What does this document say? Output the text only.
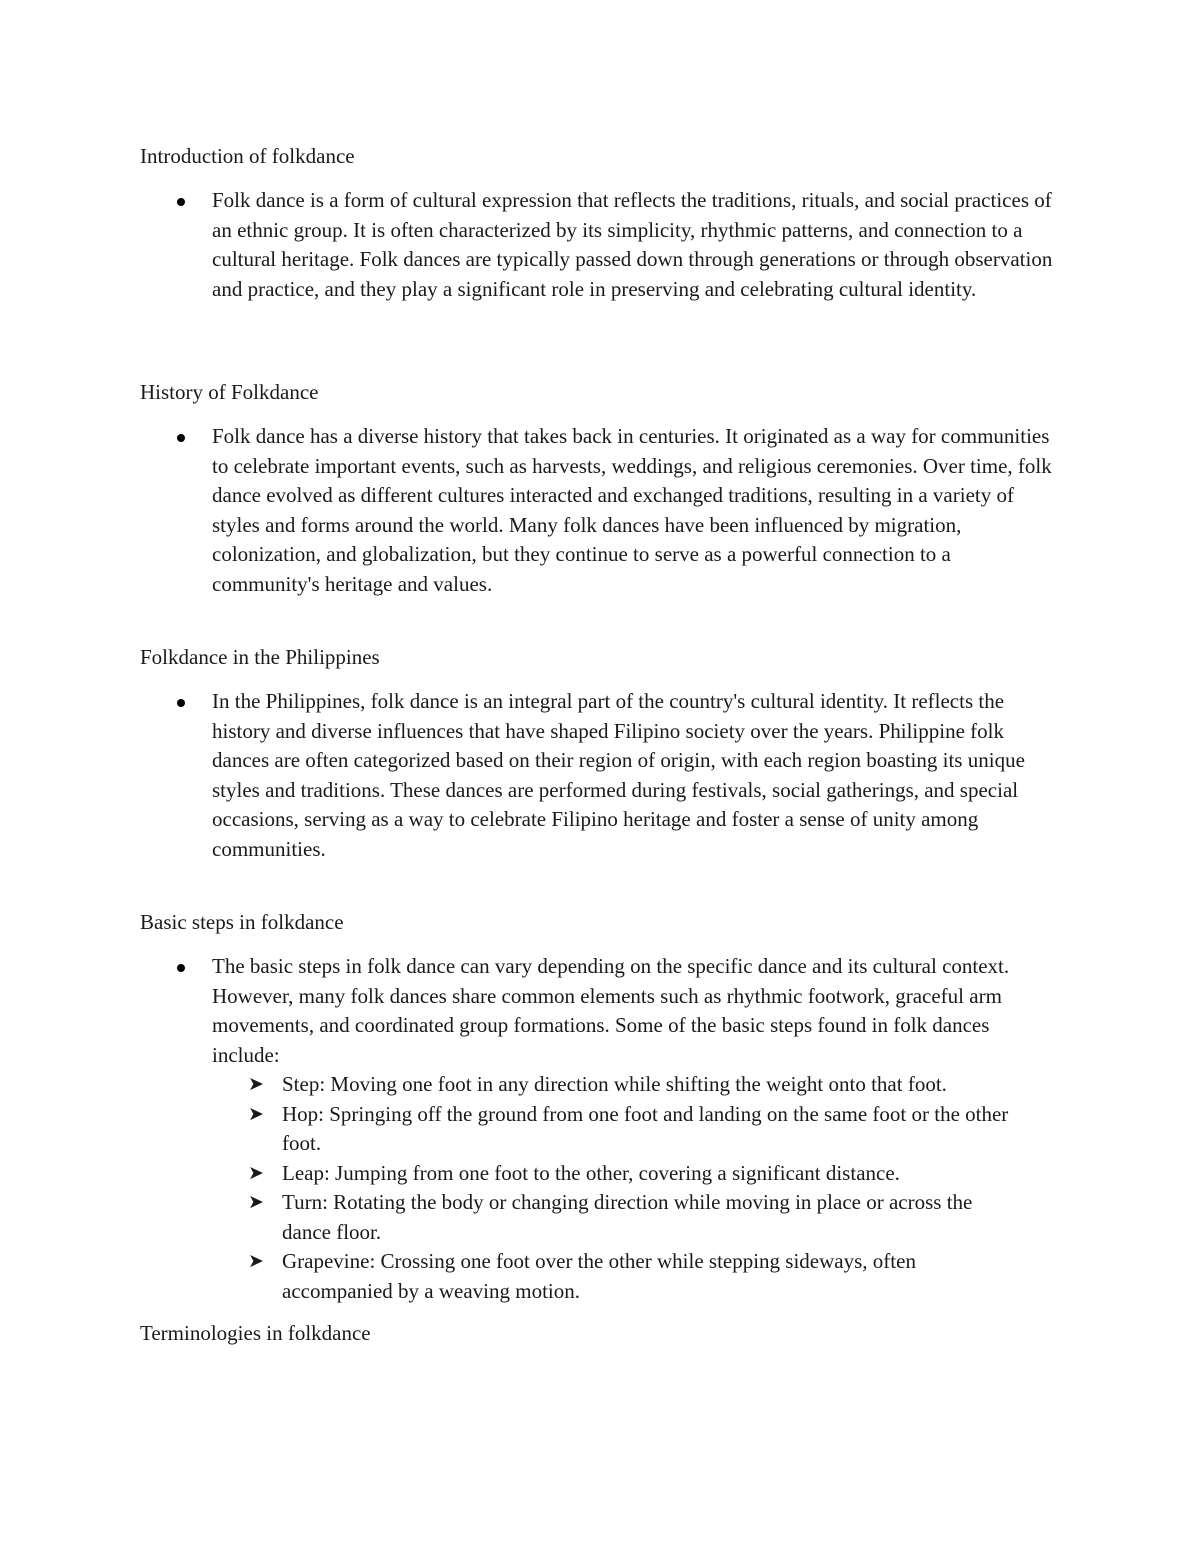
Introduction of folkdance

Folk dance is a form of cultural expression that reflects the traditions, rituals, and social practices of an ethnic group. It is often characterized by its simplicity, rhythmic patterns, and connection to a cultural heritage. Folk dances are typically passed down through generations or through observation and practice, and they play a significant role in preserving and celebrating cultural identity.

History of Folkdance

Folk dance has a diverse history that takes back in centuries. It originated as a way for communities to celebrate important events, such as harvests, weddings, and religious ceremonies. Over time, folk dance evolved as different cultures interacted and exchanged traditions, resulting in a variety of styles and forms around the world. Many folk dances have been influenced by migration, colonization, and globalization, but they continue to serve as a powerful connection to a community's heritage and values.

Folkdance in the Philippines

In the Philippines, folk dance is an integral part of the country's cultural identity. It reflects the history and diverse influences that have shaped Filipino society over the years. Philippine folk dances are often categorized based on their region of origin, with each region boasting its unique styles and traditions. These dances are performed during festivals, social gatherings, and special occasions, serving as a way to celebrate Filipino heritage and foster a sense of unity among communities.

Basic steps in folkdance

The basic steps in folk dance can vary depending on the specific dance and its cultural context. However, many folk dances share common elements such as rhythmic footwork, graceful arm movements, and coordinated group formations. Some of the basic steps found in folk dances include:

➤ Step: Moving one foot in any direction while shifting the weight onto that foot.
➤ Hop: Springing off the ground from one foot and landing on the same foot or the other foot.
➤ Leap: Jumping from one foot to the other, covering a significant distance.
➤ Turn: Rotating the body or changing direction while moving in place or across the dance floor.
➤ Grapevine: Crossing one foot over the other while stepping sideways, often accompanied by a weaving motion.
Terminologies in folkdance
